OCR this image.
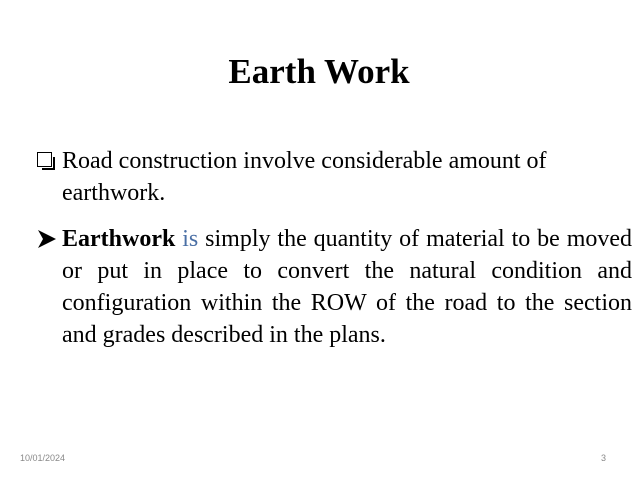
Earth Work
Road construction involve considerable amount of earthwork.
Earthwork is simply the quantity of material to be moved or put in place to convert the natural condition and configuration within the ROW of the road to the section and grades described in the plans.
10/01/2024	3
